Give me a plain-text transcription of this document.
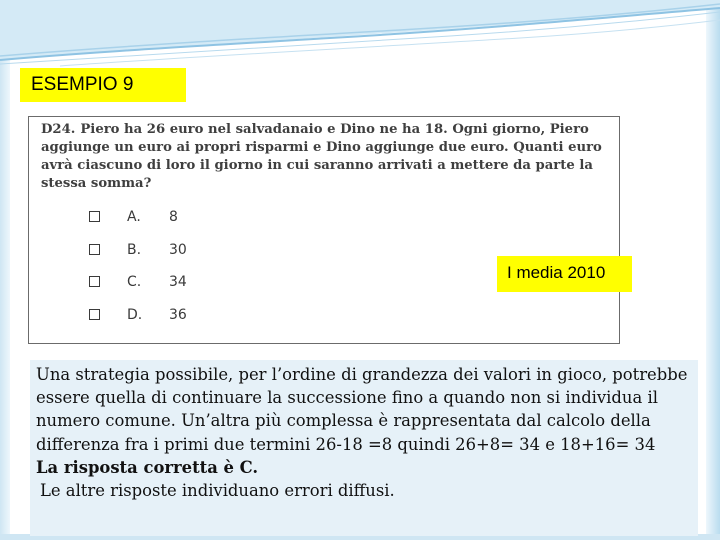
ESEMPIO 9
D24. Piero ha 26 euro nel salvadanaio e Dino ne ha 18. Ogni giorno, Piero aggiunge un euro ai propri risparmi e Dino aggiunge due euro. Quanti euro avrà ciascuno di loro il giorno in cui saranno arrivati a mettere da parte la stessa somma?
A. 8
B. 30
C. 34
D. 36
I media 2010

Una strategia possibile, per l’ordine di grandezza dei valori in gioco, potrebbe essere quella di continuare la successione fino a quando non si individua il numero comune. Un’altra più complessa è rappresentata dal calcolo della differenza fra i primi due termini 26-18 =8 quindi 26+8= 34 e 18+16= 34

La risposta corretta è C.

Le altre risposte individuano errori diffusi.
